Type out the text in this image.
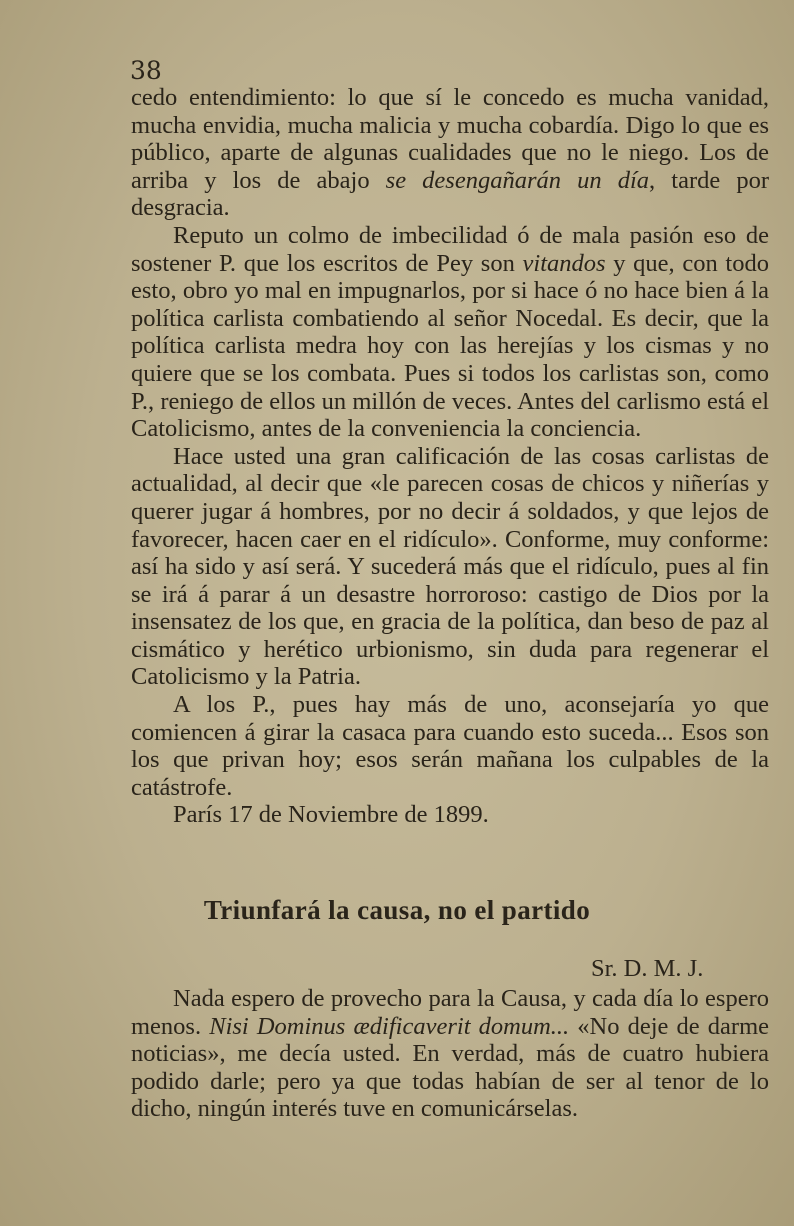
38

cedo entendimiento: lo que sí le concedo es mucha vanidad, mucha envidia, mucha malicia y mucha cobardía. Digo lo que es público, aparte de algunas cualidades que no le niego. Los de arriba y los de abajo se desengañarán un día, tarde por desgracia.

Reputo un colmo de imbecilidad ó de mala pasión eso de sostener P. que los escritos de Pey son vitandos y que, con todo esto, obro yo mal en impugnarlos, por si hace ó no hace bien á la política carlista combatiendo al señor Nocedal. Es decir, que la política carlista medra hoy con las herejías y los cismas y no quiere que se los combata. Pues si todos los carlistas son, como P., reniego de ellos un millón de veces. Antes del carlismo está el Catolicismo, antes de la conveniencia la conciencia.

Hace usted una gran calificación de las cosas carlistas de actualidad, al decir que «le parecen cosas de chicos y niñerías y querer jugar á hombres, por no decir á soldados, y que lejos de favorecer, hacen caer en el ridículo». Conforme, muy conforme: así ha sido y así será. Y sucederá más que el ridículo, pues al fin se irá á parar á un desastre horroroso: castigo de Dios por la insensatez de los que, en gracia de la política, dan beso de paz al cismático y herético urbionismo, sin duda para regenerar el Catolicismo y la Patria.

A los P., pues hay más de uno, aconsejaría yo que comiencen á girar la casaca para cuando esto suceda... Esos son los que privan hoy; esos serán mañana los culpables de la catástrofe.

París 17 de Noviembre de 1899.

Triunfará la causa, no el partido
Sr. D. M. J.

Nada espero de provecho para la Causa, y cada día lo espero menos. Nisi Dominus ædificaverit domum... «No deje de darme noticias», me decía usted. En verdad, más de cuatro hubiera podido darle; pero ya que todas habían de ser al tenor de lo dicho, ningún interés tuve en comunicárselas.
